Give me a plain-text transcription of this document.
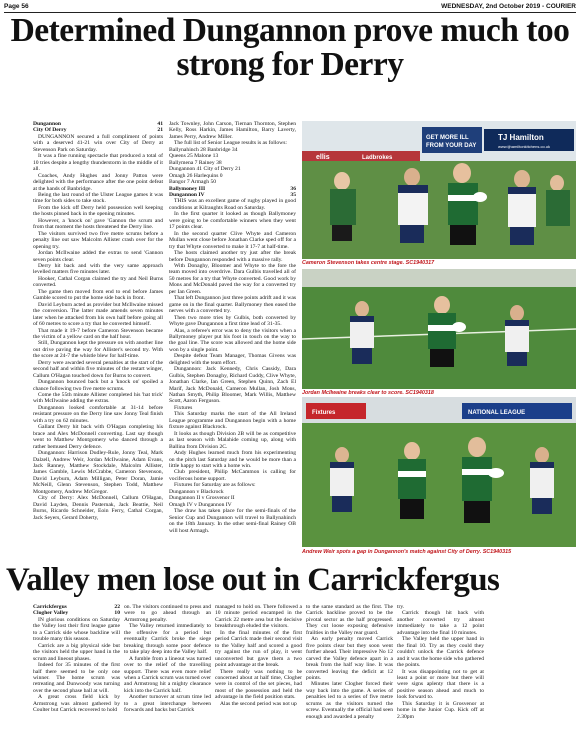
Page 56	WEDNESDAY, 2nd October 2019 - COURIER
Determined Dungannon prove much too strong for Derry

Dungannon	41

City Of Derry	21

DUNGANNON secured a full compliment of points with a deserved 41-21 win over City of Derry at Stevenson Park on Saturday.

It was a fine running spectacle that produced a total of 10 tries despite a lengthy thunderstorm in the middle of it all.

Coaches, Andy Hughes and Jonny Patton were delighted with the performance after the one point defeat at the hands of Banbridge.

Being the last round of the Ulster League games it was time for both sides to take stock.

From the kick off Derry held possession well keeping the hosts pinned back in the opening minutes.

However, a 'knock on' gave 'Gannon the scrum and from that moment the hosts threatened the Derry line.

The visitors survived two five metre scrums before a penalty line out saw Malcolm Allister crash over for the opening try.

Jordan McIlwaine added the extras to send 'Gannon seven points clear.

Derry hit back and with the very same approach levelled matters five minutes later.

Hooker, Cathal Corgan claimed the try and Neil Burns converted.

The game then moved from end to end before James Gamble scored to put the home side back in front.

David Leyburn acted as provider but McIlwaine missed the conversion. The latter made amends seven minutes later when he attacked from his own half before going all of 60 metres to score a try that he converted himself.

That made it 19-7 before Cameron Stevenson became the victim of a yellow card on the half hour.

Still, Dungannon kept the pressure on with another line out drive paving the way for Allister's second try. With the score at 24-7 the whistle blew for half-time.

Derry were awarded several penalties at the start of the second half and within five minutes of the restart winger, Callum O'Hagan touched down for Burns to convert.

Dungannon bounced back but a 'knock on' spoiled a chance following two five metre scrums.

Come the 55th minute Allister completed his 'hat trick' with McIlwaine adding the extras.

Dungannon looked comfortable at 31-14 before resistant pressure on the Derry line saw Jonny Teal finish with a try on 62 minutes.

Gallant Derry hit back with O'Hagan completing his brace and Alex McDonnell converting. Last say though went to Matthew Montgomery who danced through a rather bemused Derry defence.

Dungannon: Harrison Dudley-Rule, Jonny Teal, Mark Dalzell, Andrew Weir, Jordan McIlwaine, Adam Evans, Jack Ranney, Matthew Stockdale, Malcolm Allister, James Gamble, Lewis McCrabbe, Cameron Stevenson, David Leyburn, Adam Milligan, Peter Doran, Jamie McNeill, Glenn Stevenson, Stephen Todd, Matthew Montgomery, Andrew McGregor.

City of Derry: Alex McDonnell, Callum O'Hagan, David Layden, Dennis Pasternak, Jack Beattie, Neil Burns, Ricardo Schneider, Eoin Ferry, Cathal Corgan, Jack Seyers, Gerard Doherty,

Jack Townley, John Carson, Tiernan Thornton, Stephen Kelly, Ross Harkin, James Hamilton, Barry Laverty, James Perry, Andrew Miller.

The full list of Senior League results is as follows:

Ballynahinch 28 Banbridge 34

Queens 25 Malone 13

Ballymena 7 Rainey 38

Dungannon 41 City of Derry 21

Omagh 26 Harlequins 0

Bangor 7 Armagh 50

Ballymoney III	36

Dungannon IV	35

THIS was an excellent game of rugby played in good conditions at Kilraughts Road on Saturday.

In the first quarter it looked as though Ballymoney were going to be comfortable winners when they went 17 points clear.

In the second quarter Clive Whyte and Cameron Mullan went close before Jonathan Clarke sped off for a try that Whyte converted to make it 17-7 at half-time.

The hosts claimed another try just after the break before Dungannon responded with a massive rally.

With Donaghy, Bloomer and Whyte to the fore the team moved into overdrive. Dara Gulbis travelled all of 50 metres for a try that Whyte converted. Good work by Mons and McDonald paved the way for a converted try per Ian Green.

That left Dungannon just three points adrift and it was game on in the final quarter. Ballymoney then eased the nerves with a converted try.

Then two more tries by Gulbis, both converted by Whyte gave Dungannon a first time lead of 31-35.

Alas, a referee's error was to deny the visitors when a Ballymoney player put his foot in touch on the way to the goal line. The score was allowed and the home side won by a single point.

Despite defeat Team Manager, Thomas Givens was delighted with the team effort.

Dungannon: Jack Kennedy, Chris Cassidy, Dara Gulbis, Stephen Donaghy, Richard Cuddy, Clive Whyte, Jonathan Clarke, Ian Green, Stephen Quinn, Zach El Marif, Jack McDonald, Cameron Mullan, Josh Mons, Nathan Smyth, Philip Bloomer, Mark Willis, Matthew Scott, Aaron Ferguson.

Fixtures

This Saturday marks the start of the All Ireland League programme and Dungannon begin with a home fixture against Blackrock.

It looks as though Division 2B will be as competitive as last season with Malahide coming up, along with Ballina from Division 2C.

Andy Hughes learned much from his experimenting on the pitch last Saturday and he would be more than a little happy to start with a home win.

Club president, Philip McCammon is calling for vociferous home support.

Fixtures for Saturday are as follows:

Dungannon v Blackrock

Dungannon II v Grosvenor II

Omagh IV v Dungannon IV

The draw has taken place for the semi-finals of the Senior Cup and Dungannon will travel to Ballynahinch on the 18th January. In the other semi-final Rainey OB will host Armagh.

GET MORE ILL
FROM YOUR DAY
TJ Hamilton
www.tjhamiltonkitchens.co.uk
ellis	Ladbrokes
Cameron Stevenson takes centre stage. SC1940317
Jordan McIlwaine breaks clear to score. SC1940318
NATIONAL LEAGUE
Fixtures
Andrew Weir spots a gap in Dungannon's match against City of Derry. SC1940315
Valley men lose out in Carrickfergus

Carrickfergus	22

Clogher Valley	10

IN glorious conditions on Saturday the Valley lost their first league game to a Carrick side whose backline will trouble many this season.

Carrick are a big physical side but the visitors held the upper hand in the scrum and lineout phases.

Indeed for 35 minutes of the first half there seemed to be only one winner. The home scrum was retreating and Dunwoody was turning over the second phase ball at will.

A great cross field kick by Armstrong was almost gathered by Coulter but Carrick recovered to hold

on. The visitors continued to press and were to go ahead through an Armstrong penalty.

The Valley returned immediately to the offensive for a period but eventually Carrick broke the siege breaking through some poor defence to take play deep into the Valley half.

A fumble from a lineout was turned over to the relief of the travelling support. There was even more relief when a Carrick scrum was turned over and Armstrong hit a mighty clearance kick into the Carrick half.

Another turnover at scrum time led to a great interchange between forwards and backs but Carrick

managed to hold on. There followed a 10 minute period encamped in the Carrick 22 metre area but the decisive breakthrough eluded the visitors.

In the final minutes of the first period Carrick made their second visit to the Valley half and scored a good try against the run of play, it went unconverted but gave them a two point advantage at the break.

There really was nothing to be concerned about at half time, Clogher were in control of the set pieces, had most of the possession and held the advantage in the field position stats.

Alas the second period was not up

to the same standard as the first. The Carrick backline proved to be the pivotal sector as the half progressed. They cut loose exposing defensive frailties in the Valley rear guard.

An early penalty moved Carrick five points clear but they soon went further ahead. Their impressive No 12 carved the Valley defence apart in a break from the half way line. It was converted leaving the deficit at 12 points.

Minutes later Clogher forced their way back into the game. A series of penalties led to a series of five metre scrums as the visitors turned the screw. Eventually the official had seen enough and awarded a penalty

try.

Carrick though hit back with another converted try almost immediately to take a 12 point advantage into the final 10 minutes.

The Valley held the upper hand in the final 10. Try as they could they couldn't unlock the Carrick defence and it was the home side who gathered the points.

It was disappointing not to get at least a point or more but there will were signs aplenty that there is a positive season ahead and much to look forward to.

This Saturday it is Grosvenor at home in the Junior Cup. Kick off at 2.30pm
